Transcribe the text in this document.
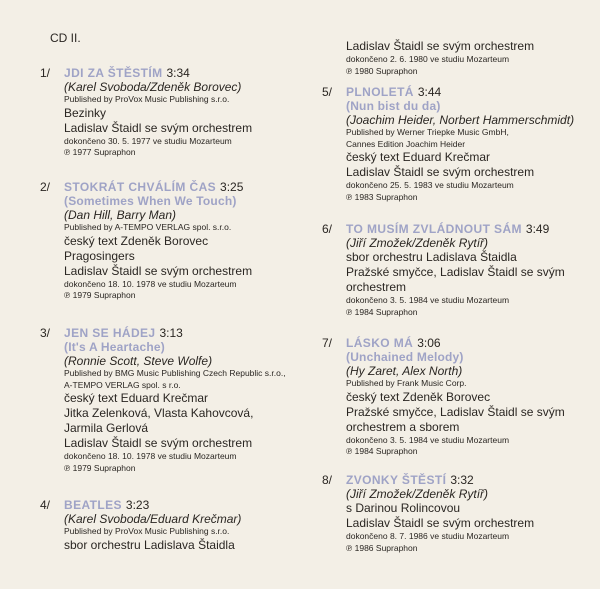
CD II.
1/ JDI ZA ŠTĚSTÍM 3:34
(Karel Svoboda/Zdeněk Borovec)
Published by ProVox Music Publishing s.r.o.
Bezinky
Ladislav Štaidl se svým orchestrem
dokončeno 30. 5. 1977 ve studiu Mozarteum
℗ 1977 Supraphon
2/ STOKRÁT CHVÁLÍM ČAS 3:25
(Sometimes When We Touch)
(Dan Hill, Barry Man)
Published by A-TEMPO VERLAG spol. s.r.o.
český text Zdeněk Borovec
Pragosingers
Ladislav Štaidl se svým orchestrem
dokončeno 18. 10. 1978 ve studiu Mozarteum
℗ 1979 Supraphon
3/ JEN SE HÁDEJ 3:13
(It's A Heartache)
(Ronnie Scott, Steve Wolfe)
Published by BMG Music Publishing Czech Republic s.r.o.,
A-TEMPO VERLAG spol. s r.o.
český text Eduard Krečmar
Jitka Zelenková, Vlasta Kahovcová,
Jarmila Gerlová
Ladislav Štaidl se svým orchestrem
dokončeno 18. 10. 1978 ve studiu Mozarteum
℗ 1979 Supraphon
4/ BEATLES 3:23
(Karel Svoboda/Eduard Krečmar)
Published by ProVox Music Publishing s.r.o.
sbor orchestru Ladislava Štaidla
Ladislav Štaidl se svým orchestrem
dokončeno 2. 6. 1980 ve studiu Mozarteum
℗ 1980 Supraphon
5/ PLNOLETÁ 3:44
(Nun bist du da)
(Joachim Heider, Norbert Hammerschmidt)
Published by Werner Triepke Music GmbH,
Cannes Edition Joachim Heider
český text Eduard Krečmar
Ladislav Štaidl se svým orchestrem
dokončeno 25. 5. 1983 ve studiu Mozarteum
℗ 1983 Supraphon
6/ TO MUSÍM ZVLÁDNOUT SÁM 3:49
(Jiří Zmožek/Zdeněk Rytíř)
sbor orchestru Ladislava Štaidla
Pražské smyčce, Ladislav Štaidl se svým
orchestrem
dokončeno 3. 5. 1984 ve studiu Mozarteum
℗ 1984 Supraphon
7/ LÁSKO MÁ 3:06
(Unchained Melody)
(Hy Zaret, Alex North)
Published by Frank Music Corp.
český text Zdeněk Borovec
Pražské smyčce, Ladislav Štaidl se svým
orchestrem a sborem
dokončeno 3. 5. 1984 ve studiu Mozarteum
℗ 1984 Supraphon
8/ ZVONKY ŠTĚSTÍ 3:32
(Jiří Zmožek/Zdeněk Rytíř)
s Darinou Rolincovou
Ladislav Štaidl se svým orchestrem
dokončeno 8. 7. 1986 ve studiu Mozarteum
℗ 1986 Supraphon
